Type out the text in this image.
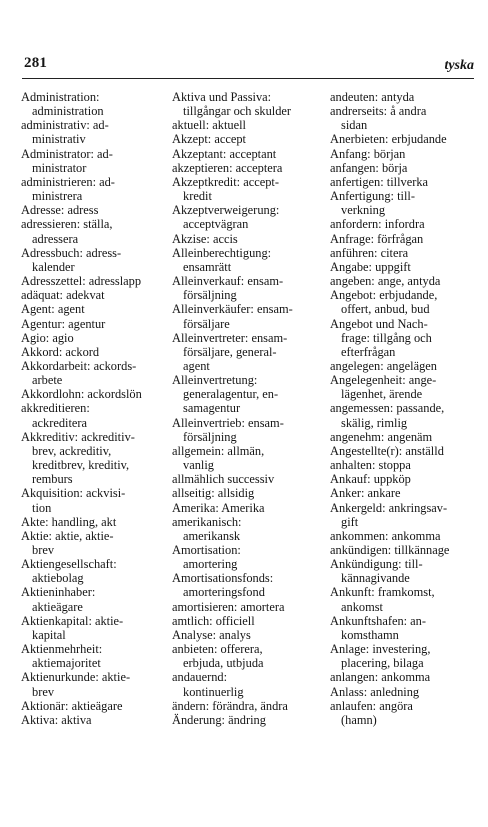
281	tyska
Administration:
administration
administrativ: ad-
ministrativ
Administrator: ad-
ministrator
administrieren: ad-
ministrera
Adresse: adress
adressieren: ställa,
adressera
Adressbuch: adress-
kalender
Adresszettel: adresslapp
adäquat: adekvat
Agent: agent
Agentur: agentur
Agio: agio
Akkord: ackord
Akkordarbeit: ackords-
arbete
Akkordlohn: ackordslön
akkreditieren:
ackreditera
Akkreditiv: ackreditiv-
brev, ackreditiv,
kreditbrev, kreditiv,
remburs
Akquisition: ackvisi-
tion
Akte: handling, akt
Aktie: aktie, aktie-
brev
Aktiengesellschaft:
aktiebolag
Aktieninhaber:
aktieägare
Aktienkapital: aktie-
kapital
Aktienmehrheit:
aktiemajoritet
Aktienurkunde: aktie-
brev
Aktionär: aktieägare
Aktiva: aktiva
Aktiva und Passiva:
tillgångar och skulder
aktuell: aktuell
Akzept: accept
Akzeptant: acceptant
akzeptieren: acceptera
Akzeptkredit: accept-
kredit
Akzeptverweigerung:
acceptvägran
Akzise: accis
Alleinberechtigung:
ensamrätt
Alleinverkauf: ensam-
försäljning
Alleinverkäufer: ensam-
försäljare
Alleinvertreter: ensam-
försäljare, general-
agent
Alleinvertretung:
generalagentur, en-
samagentur
Alleinvertrieb: ensam-
försäljning
allgemein: allmän,
vanlig
allmählich successiv
allseitig: allsidig
Amerika: Amerika
amerikanisch:
amerikansk
Amortisation:
amortering
Amortisationsfonds:
amorteringsfond
amortisieren: amortera
amtlich: officiell
Analyse: analys
anbieten: offerera,
erbjuda, utbjuda
andauernd:
kontinuerlig
ändern: förändra, ändra
Änderung: ändring
andeuten: antyda
andrerseits: å andra
sidan
Anerbieten: erbjudande
Anfang: början
anfangen: börja
anfertigen: tillverka
Anfertigung: till-
verkning
anfordern: infordra
Anfrage: förfrågan
anführen: citera
Angabe: uppgift
angeben: ange, antyda
Angebot: erbjudande,
offert, anbud, bud
Angebot und Nach-
frage: tillgång och
efterfrågan
angelegen: angelägen
Angelegenheit: ange-
lägenhet, ärende
angemessen: passande,
skälig, rimlig
angenehm: angenäm
Angestellte(r): anställd
anhalten: stoppa
Ankauf: uppköp
Anker: ankare
Ankergeld: ankringsav-
gift
ankommen: ankomma
ankündigen: tillkännage
Ankündigung: till-
kännagivande
Ankunft: framkomst,
ankomst
Ankunftshafen: an-
komsthamn
Anlage: investering,
placering, bilaga
anlangen: ankomma
Anlass: anledning
anlaufen: angöra
(hamn)
